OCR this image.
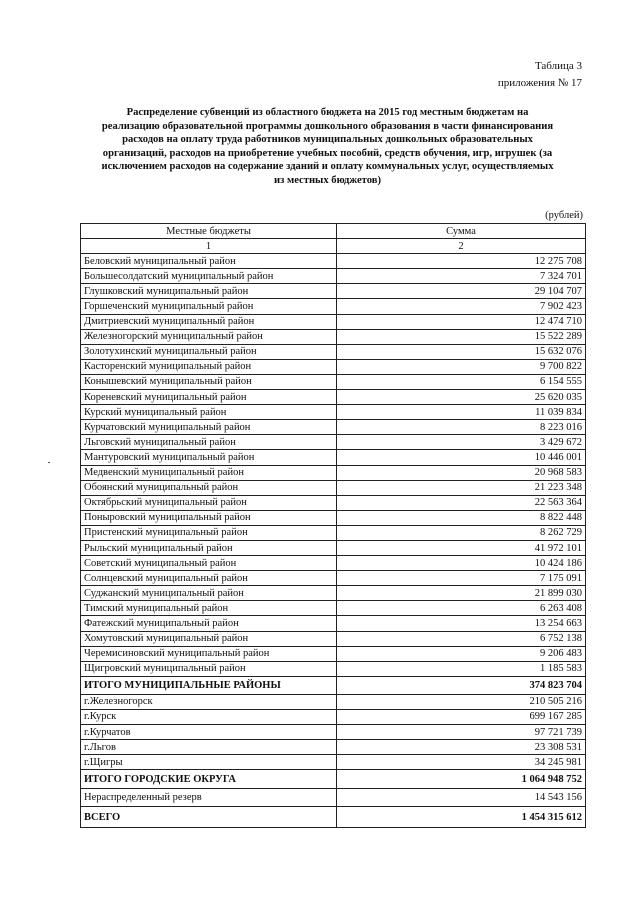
Таблица 3
приложения № 17
Распределение субвенций из областного бюджета на 2015 год местным бюджетам на реализацию образовательной программы дошкольного образования в части финансирования расходов на оплату труда работников муниципальных дошкольных образовательных организаций, расходов на приобретение учебных пособий, средств обучения, игр, игрушек (за исключением расходов на содержание зданий и оплату коммунальных услуг, осуществляемых из местных бюджетов)
(рублей)
Местные бюджеты	Сумма
1	2
Беловский муниципальный район	12 275 708
Большесолдатский муниципальный район	7 324 701
Глушковский муниципальный район	29 104 707
Горшеченский муниципальный район	7 902 423
Дмитриевский муниципальный район	12 474 710
Железногорский муниципальный район	15 522 289
Золотухинский муниципальный район	15 632 076
Касторенский муниципальный район	9 700 822
Конышевский муниципальный район	6 154 555
Кореневский муниципальный район	25 620 035
Курский муниципальный район	11 039 834
Курчатовский муниципальный район	8 223 016
Льговский муниципальный район	3 429 672
Мантуровский муниципальный район	10 446 001
Медвенский муниципальный район	20 968 583
Обоянский муниципальный район	21 223 348
Октябрьский муниципальный район	22 563 364
Поныровский муниципальный район	8 822 448
Пристенский муниципальный район	8 262 729
Рыльский муниципальный район	41 972 101
Советский муниципальный район	10 424 186
Солнцевский муниципальный район	7 175 091
Суджанский муниципальный район	21 899 030
Тимский муниципальный район	6 263 408
Фатежский муниципальный район	13 254 663
Хомутовский муниципальный район	6 752 138
Черемисиновский муниципальный район	9 206 483
Щигровский муниципальный район	1 185 583
ИТОГО МУНИЦИПАЛЬНЫЕ РАЙОНЫ	374 823 704
г.Железногорск	210 505 216
г.Курск	699 167 285
г.Курчатов	97 721 739
г.Льгов	23 308 531
г.Щигры	34 245 981
ИТОГО ГОРОДСКИЕ ОКРУГА	1 064 948 752
Нераспределенный резерв	14 543 156
ВСЕГО	1 454 315 612
